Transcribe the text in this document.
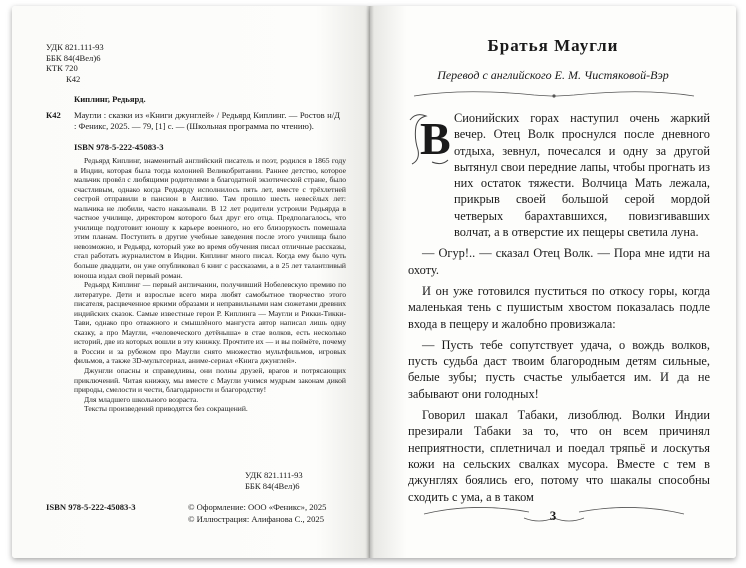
УДК 821.111-93
ББК 84(4Вел)6
КТК 720
К42
Киплинг, Редьярд.
К42 Маугли : сказки из «Книги джунглей» / Редьярд Киплинг. — Ростов н/Д : Феникс, 2025. — 79, [1] с. — (Школьная программа по чтению).
ISBN 978-5-222-45083-3

Редьярд Киплинг, знаменитый английский писатель и поэт, родился в 1865 году в Индии, которая была тогда колонией Великобритании. Раннее детство, которое мальчик провёл с любящими родителями в благодатной экзотической стране, было счастливым, однако когда Редьярду исполнилось пять лет, вместе с трёхлетней сестрой отправили в пансион в Англию. Там прошло шесть невесёлых лет: мальчика не любили, часто наказывали. В 12 лет родители устроили Редьярда в частное училище, директором которого был друг его отца. Предполагалось, что училище подготовит юношу к карьере военного, но его близорукость помешала этим планам. Поступить в другие учебные заведения после этого училища было невозможно, и Редьярд, который уже во время обучения писал отличные рассказы, стал работать журналистом в Индии. Киплинг много писал. Когда ему было чуть больше двадцати, он уже опубликовал 6 книг с рассказами, а в 25 лет талантливый юноша издал свой первый роман.

Редьярд Киплинг — первый англичанин, получивший Нобелевскую премию по литературе. Дети и взрослые всего мира любят самобытное творчество этого писателя, расцвеченное яркими образами и неправильными нам сюжетами древних индийских сказок. Самые известные герои Р. Киплинга — Маугли и Рикки-Тикки-Тави, однако про отважного и смышлёного мангуста автор написал лишь одну сказку, а про Маугли, «человеческого детёныша» в стае волков, есть несколько историй, две из которых вошли в эту книжку. Прочтите их — и вы поймёте, почему в России и за рубежом про Маугли снято множество мультфильмов, игровых фильмов, а также 3D-мультсериал, аниме-сериал «Книга джунглей».

Джунгли опасны и справедливы, они полны друзей, врагов и потрясающих приключений. Читая книжку, мы вместе с Маугли учимся мудрым законам дикой природы, смелости и чести, благодарности и благородству!

Для младшего школьного возраста.

Тексты произведений приводятся без сокращений.

УДК 821.111-93
ББК 84(4Вел)6
ISBN 978-5-222-45083-3	© Оформление: ООО «Феникс», 2025
© Иллюстрация: Алифанова С., 2025
Братья Маугли
Перевод с английского Е. М. Чистяковой-Вэр

В Сионийских горах наступил очень жаркий вечер. Отец Волк проснулся после дневного отдыха, зевнул, почесался и одну за другой вытянул свои передние лапы, чтобы прогнать из них остаток тяжести. Волчица Мать лежала, прикрыв своей большой серой мордой четверых барахтавшихся, повизгивавших волчат, а в отверстие их пещеры светила луна.

— Огур!.. — сказал Отец Волк. — Пора мне идти на охоту.

И он уже готовился пуститься по откосу горы, когда маленькая тень с пушистым хвостом показалась подле входа в пещеру и жалобно провизжала:

— Пусть тебе сопутствует удача, о вождь волков, пусть судьба даст твоим благородным детям сильные, белые зубы; пусть счастье улыбается им. И да не забывают они голодных!

Говорил шакал Табаки, лизоблюд. Волки Индии презирали Табаки за то, что он всем причинял неприятности, сплетничал и поедал тряпьё и лоскутья кожи на сельских свалках мусора. Вместе с тем в джунглях боялись его, потому что шакалы способны сходить с ума, а в таком

3
